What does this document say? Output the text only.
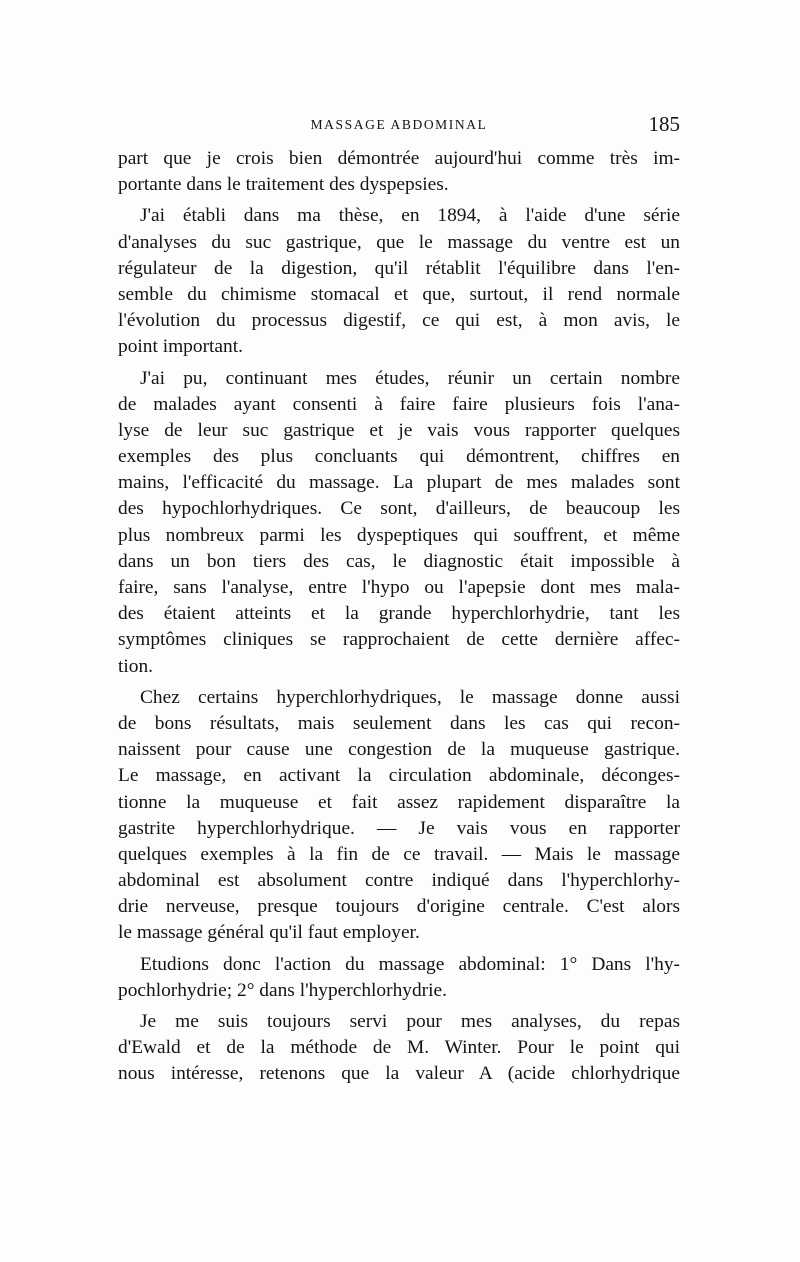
MASSAGE ABDOMINAL	185
part que je crois bien démontrée aujourd'hui comme très im-
portante dans le traitement des dyspepsies.
J'ai établi dans ma thèse, en 1894, à l'aide d'une série
d'analyses du suc gastrique, que le massage du ventre est un
régulateur de la digestion, qu'il rétablit l'équilibre dans l'en-
semble du chimisme stomacal et que, surtout, il rend normale
l'évolution du processus digestif, ce qui est, à mon avis, le
point important.
J'ai pu, continuant mes études, réunir un certain nombre
de malades ayant consenti à faire faire plusieurs fois l'ana-
lyse de leur suc gastrique et je vais vous rapporter quelques
exemples des plus concluants qui démontrent, chiffres en
mains, l'efficacité du massage. La plupart de mes malades sont
des hypochlorhydriques. Ce sont, d'ailleurs, de beaucoup les
plus nombreux parmi les dyspeptiques qui souffrent, et même
dans un bon tiers des cas, le diagnostic était impossible à
faire, sans l'analyse, entre l'hypo ou l'apepsie dont mes mala-
des étaient atteints et la grande hyperchlorhydrie, tant les
symptômes cliniques se rapprochaient de cette dernière affec-
tion.
Chez certains hyperchlorhydriques, le massage donne aussi
de bons résultats, mais seulement dans les cas qui recon-
naissent pour cause une congestion de la muqueuse gastrique.
Le massage, en activant la circulation abdominale, déconges-
tionne la muqueuse et fait assez rapidement disparaître la
gastrite hyperchlorhydrique. — Je vais vous en rapporter
quelques exemples à la fin de ce travail. — Mais le massage
abdominal est absolument contre indiqué dans l'hyperchlorhy-
drie nerveuse, presque toujours d'origine centrale. C'est alors
le massage général qu'il faut employer.
Etudions donc l'action du massage abdominal: 1° Dans l'hy-
pochlorhydrie; 2° dans l'hyperchlorhydrie.
Je me suis toujours servi pour mes analyses, du repas
d'Ewald et de la méthode de M. Winter. Pour le point qui
nous intéresse, retenons que la valeur A (acide chlorhydrique
